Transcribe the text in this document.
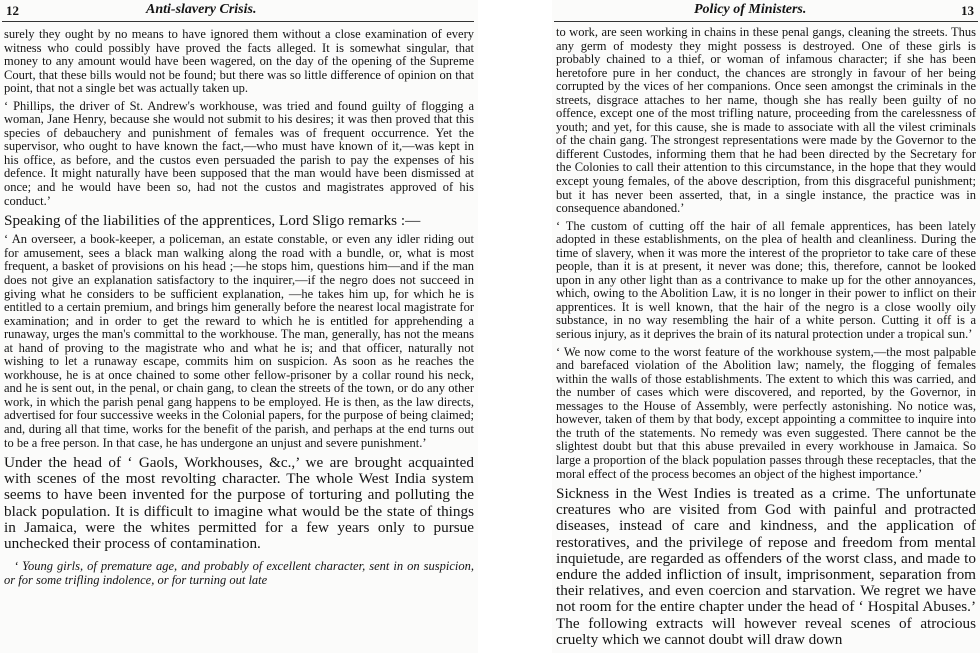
12	Anti-slavery Crisis.

surely they ought by no means to have ignored them without a close examination of every witness who could possibly have proved the facts alleged. It is somewhat singular, that money to any amount would have been wagered, on the day of the opening of the Supreme Court, that these bills would not be found; but there was so little difference of opinion on that point, that not a single bet was actually taken up.

‘ Phillips, the driver of St. Andrew's workhouse, was tried and found guilty of flogging a woman, Jane Henry, because she would not submit to his desires; it was then proved that this species of debauchery and punishment of females was of frequent occurrence. Yet the supervisor, who ought to have known the fact,—who must have known of it,—was kept in his office, as before, and the custos even persuaded the parish to pay the expenses of his defence. It might naturally have been supposed that the man would have been dismissed at once; and he would have been so, had not the custos and magistrates approved of his conduct.’

Speaking of the liabilities of the apprentices, Lord Sligo remarks :—

‘ An overseer, a book-keeper, a policeman, an estate constable, or even any idler riding out for amusement, sees a black man walking along the road with a bundle, or, what is most frequent, a basket of provisions on his head ;—he stops him, questions him—and if the man does not give an explanation satisfactory to the inquirer,—if the negro does not succeed in giving what he considers to be sufficient explanation, —he takes him up, for which he is entitled to a certain premium, and brings him generally before the nearest local magistrate for examination; and in order to get the reward to which he is entitled for apprehending a runaway, urges the man's committal to the workhouse. The man, generally, has not the means at hand of proving to the magistrate who and what he is; and that officer, naturally not wishing to let a runaway escape, commits him on suspicion. As soon as he reaches the workhouse, he is at once chained to some other fellow-prisoner by a collar round his neck, and he is sent out, in the penal, or chain gang, to clean the streets of the town, or do any other work, in which the parish penal gang happens to be employed. He is then, as the law directs, advertised for four successive weeks in the Colonial papers, for the purpose of being claimed; and, during all that time, works for the benefit of the parish, and perhaps at the end turns out to be a free person. In that case, he has undergone an unjust and severe punishment.’

Under the head of ‘ Gaols, Workhouses, &c.,’ we are brought acquainted with scenes of the most revolting character. The whole West India system seems to have been invented for the purpose of torturing and polluting the black population. It is difficult to imagine what would be the state of things in Jamaica, were the whites permitted for a few years only to pursue unchecked their process of contamination.

‘ Young girls, of premature age, and probably of excellent character, sent in on suspicion, or for some trifling indolence, or for turning out late

Policy of Ministers.	13

to work, are seen working in chains in these penal gangs, cleaning the streets. Thus any germ of modesty they might possess is destroyed. One of these girls is probably chained to a thief, or woman of infamous character; if she has been heretofore pure in her conduct, the chances are strongly in favour of her being corrupted by the vices of her companions. Once seen amongst the criminals in the streets, disgrace attaches to her name, though she has really been guilty of no offence, except one of the most trifling nature, proceeding from the carelessness of youth; and yet, for this cause, she is made to associate with all the vilest criminals of the chain gang. The strongest representations were made by the Governor to the different Custodes, informing them that he had been directed by the Secretary for the Colonies to call their attention to this circumstance, in the hope that they would except young females, of the above description, from this disgraceful punishment; but it has never been asserted, that, in a single instance, the practice was in consequence abandoned.’

‘ The custom of cutting off the hair of all female apprentices, has been lately adopted in these establishments, on the plea of health and cleanliness. During the time of slavery, when it was more the interest of the proprietor to take care of these people, than it is at present, it never was done; this, therefore, cannot be looked upon in any other light than as a contrivance to make up for the other annoyances, which, owing to the Abolition Law, it is no longer in their power to inflict on their apprentices. It is well known, that the hair of the negro is a close woolly oily substance, in no way resembling the hair of a white person. Cutting it off is a serious injury, as it deprives the brain of its natural protection under a tropical sun.’

‘ We now come to the worst feature of the workhouse system,—the most palpable and barefaced violation of the Abolition law; namely, the flogging of females within the walls of those establishments. The extent to which this was carried, and the number of cases which were discovered, and reported, by the Governor, in messages to the House of Assembly, were perfectly astonishing. No notice was, however, taken of them by that body, except appointing a committee to inquire into the truth of the statements. No remedy was even suggested. There cannot be the slightest doubt but that this abuse prevailed in every workhouse in Jamaica. So large a proportion of the black population passes through these receptacles, that the moral effect of the process becomes an object of the highest importance.’

Sickness in the West Indies is treated as a crime. The unfortunate creatures who are visited from God with painful and protracted diseases, instead of care and kindness, and the application of restoratives, and the privilege of repose and freedom from mental inquietude, are regarded as offenders of the worst class, and made to endure the added infliction of insult, imprisonment, separation from their relatives, and even coercion and starvation. We regret we have not room for the entire chapter under the head of ‘ Hospital Abuses.’ The following extracts will however reveal scenes of atrocious cruelty which we cannot doubt will draw down
